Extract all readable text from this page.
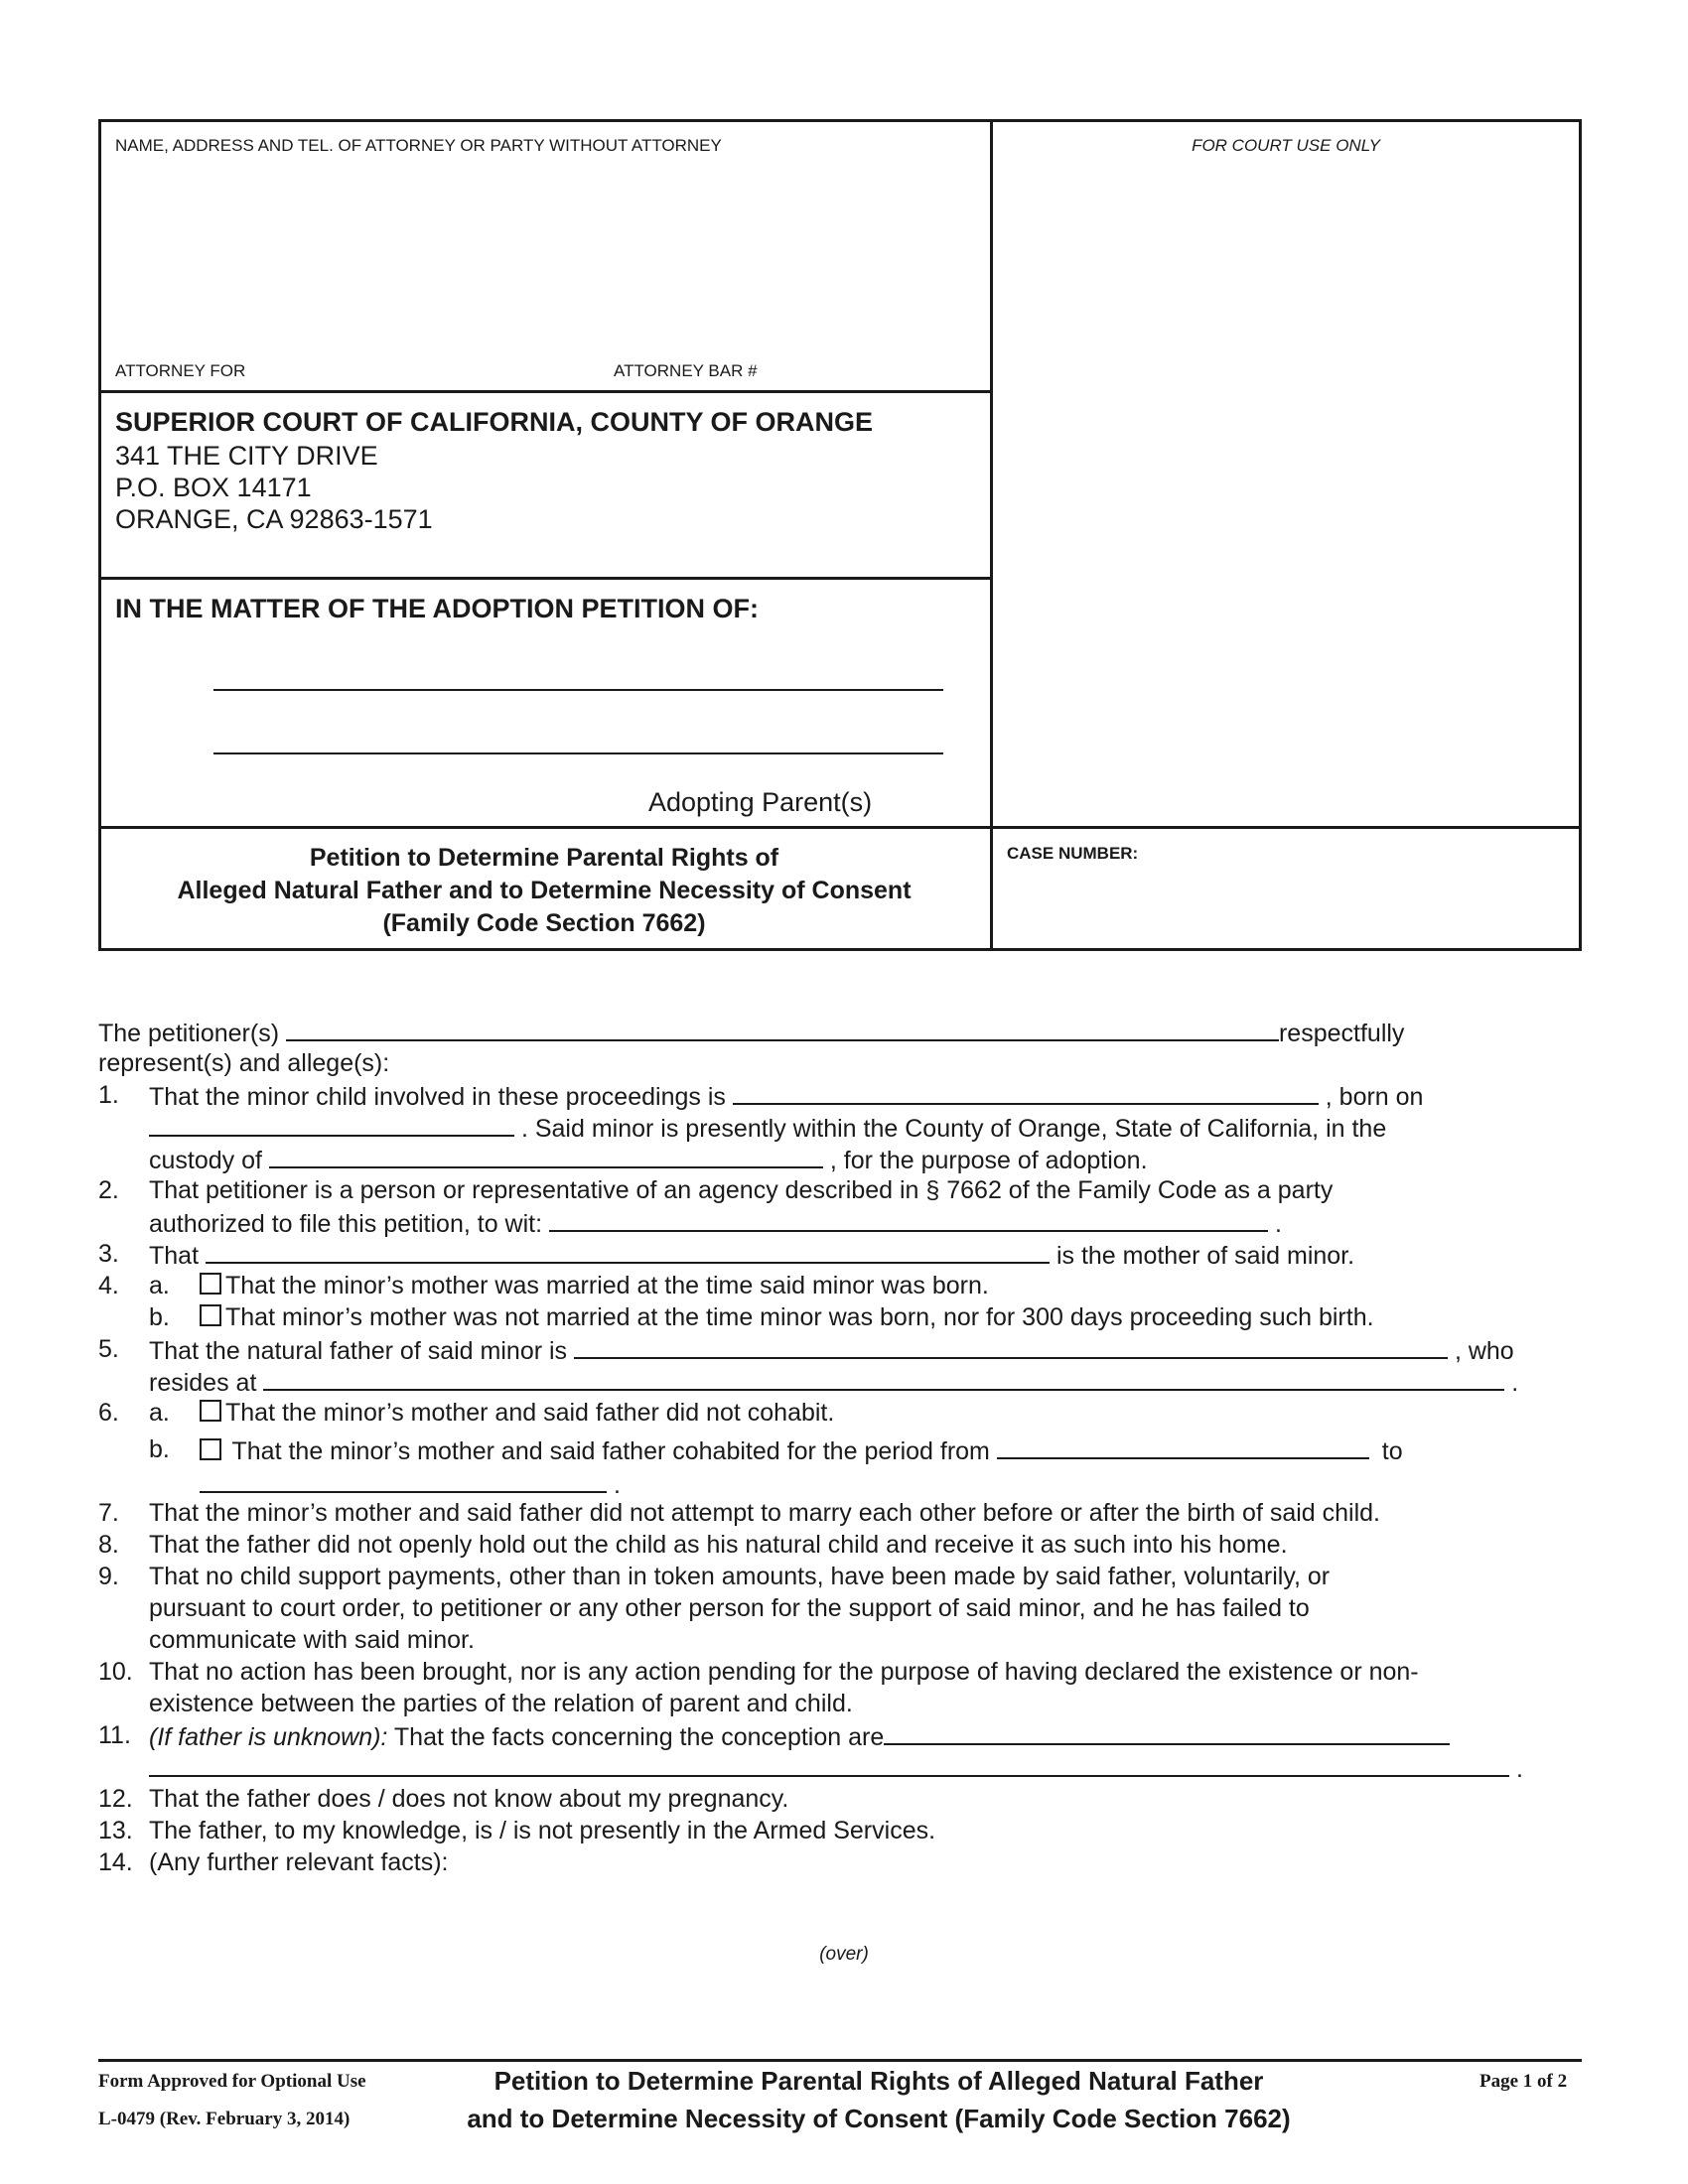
NAME, ADDRESS AND TEL. OF ATTORNEY OR PARTY WITHOUT ATTORNEY	FOR COURT USE ONLY
ATTORNEY FOR	ATTORNEY BAR #
SUPERIOR COURT OF CALIFORNIA, COUNTY OF ORANGE
341 THE CITY DRIVE
P.O. BOX 14171
ORANGE, CA 92863-1571
IN THE MATTER OF THE ADOPTION PETITION OF:
Adopting Parent(s)
Petition to Determine Parental Rights of
Alleged Natural Father and to Determine Necessity of Consent
(Family Code Section 7662)
CASE NUMBER:
The petitioner(s)	respectfully
represent(s) and allege(s):
1. That the minor child involved in these proceedings is	, born on
. Said minor is presently within the County of Orange, State of California, in the
custody of	, for the purpose of adoption.
2. That petitioner is a person or representative of an agency described in § 7662 of the Family Code as a party
authorized to file this petition, to wit:	.
3. That	is the mother of said minor.
4. a.	That the minor’s mother was married at the time said minor was born.
b.	That minor’s mother was not married at the time minor was born, nor for 300 days proceeding such birth.
5. That the natural father of said minor is	, who
resides at	.
6. a.	That the minor’s mother and said father did not cohabit.
b.	That the minor’s mother and said father cohabited for the period from	to
.
7. That the minor’s mother and said father did not attempt to marry each other before or after the birth of said child.
8. That the father did not openly hold out the child as his natural child and receive it as such into his home.
9. That no child support payments, other than in token amounts, have been made by said father, voluntarily, or
pursuant to court order, to petitioner or any other person for the support of said minor, and he has failed to
communicate with said minor.
10. That no action has been brought, nor is any action pending for the purpose of having declared the existence or non-
existence between the parties of the relation of parent and child.
11. (If father is unknown): That the facts concerning the conception are
.
12. That the father does / does not know about my pregnancy.
13. The father, to my knowledge, is / is not presently in the Armed Services.
14. (Any further relevant facts):
(over)
Form Approved for Optional Use
L-0479 (Rev. February 3, 2014)
Petition to Determine Parental Rights of Alleged Natural Father
and to Determine Necessity of Consent (Family Code Section 7662)
Page 1 of 2
